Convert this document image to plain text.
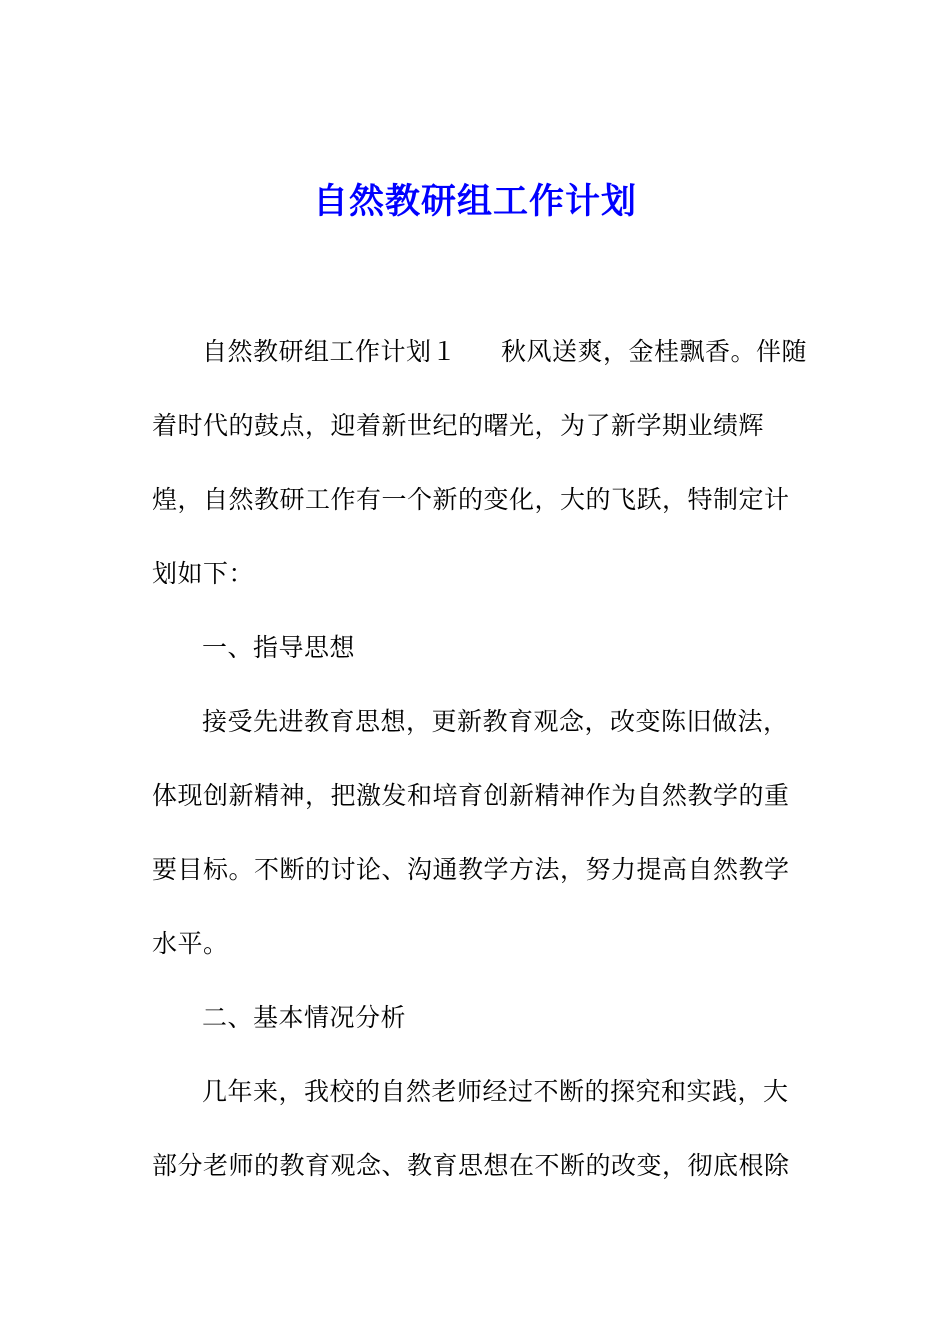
自然教研组工作计划
自然教研组工作计划１ 秋风送爽，金桂飘香。伴随
着时代的鼓点，迎着新世纪的曙光，为了新学期业绩辉
煌，自然教研工作有一个新的变化，大的飞跃，特制定计
划如下：
一、指导思想
接受先进教育思想，更新教育观念，改变陈旧做法，
体现创新精神，把激发和培育创新精神作为自然教学的重
要目标。不断的讨论、沟通教学方法，努力提高自然教学
水平。
二、基本情况分析
几年来，我校的自然老师经过不断的探究和实践，大
部分老师的教育观念、教育思想在不断的改变，彻底根除
